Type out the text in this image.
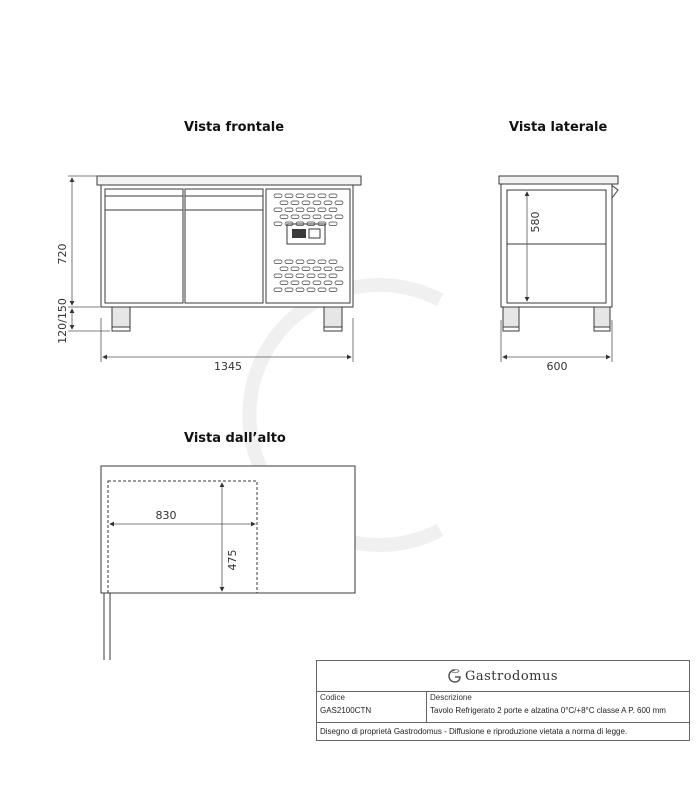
Vista frontale	Vista laterale
Vista dall’alto
720
120/150
1345
580
600
830
475
Gastrodomus
Codice
GAS2100CTN
Descrizione
Tavolo Refrigerato 2 porte e alzatina 0°C/+8°C classe A P. 600 mm
Disegno di proprietà Gastrodomus - Diffusione e riproduzione vietata a norma di legge.
